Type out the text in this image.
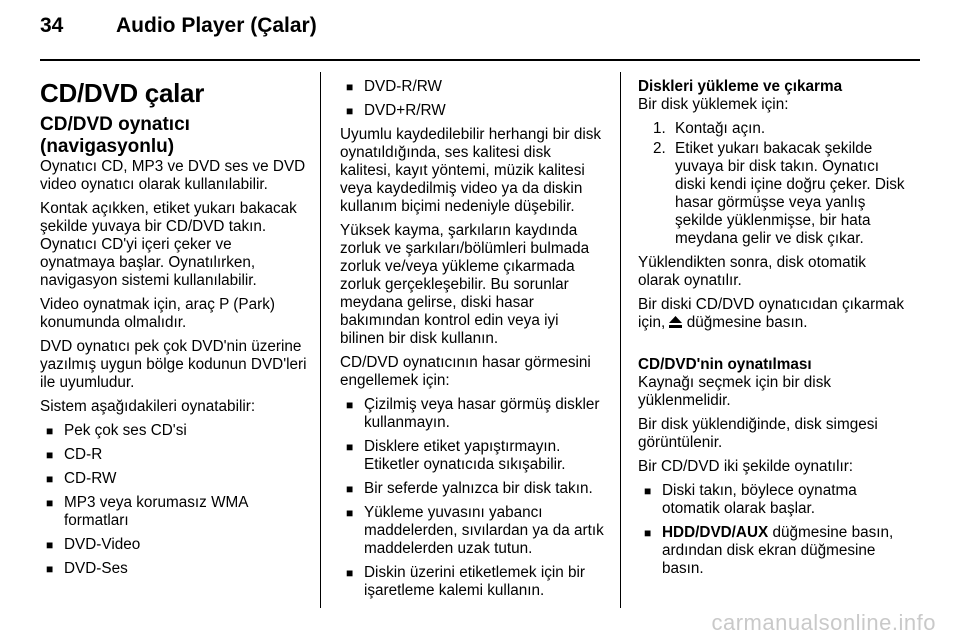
34	Audio Player (Çalar)
CD/DVD çalar
CD/DVD oynatıcı (navigasyonlu)

Oynatıcı CD, MP3 ve DVD ses ve DVD video oynatıcı olarak kullanılabilir.

Kontak açıkken, etiket yukarı bakacak şekilde yuvaya bir CD/DVD takın. Oynatıcı CD'yi içeri çeker ve oynatmaya başlar. Oynatılırken, navigasyon sistemi kullanılabilir.

Video oynatmak için, araç P (Park) konumunda olmalıdır.

DVD oynatıcı pek çok DVD'nin üzerine yazılmış uygun bölge kodunun DVD'leri ile uyumludur.

Sistem aşağıdakileri oynatabilir:

■ Pek çok ses CD'si
■ CD-R
■ CD-RW
■ MP3 veya korumasız WMA formatları
■ DVD-Video
■ DVD-Ses
■ DVD-R/RW
■ DVD+R/RW

Uyumlu kaydedilebilir herhangi bir disk oynatıldığında, ses kalitesi disk kalitesi, kayıt yöntemi, müzik kalitesi veya kaydedilmiş video ya da diskin kullanım biçimi nedeniyle düşebilir.

Yüksek kayma, şarkıların kaydında zorluk ve şarkıları/bölümleri bulmada zorluk ve/veya yükleme çıkarmada zorluk gerçekleşebilir. Bu sorunlar meydana gelirse, diski hasar bakımından kontrol edin veya iyi bilinen bir disk kullanın.

CD/DVD oynatıcının hasar görmesini engellemek için:

■ Çizilmiş veya hasar görmüş diskler kullanmayın.
■ Disklere etiket yapıştırmayın. Etiketler oynatıcıda sıkışabilir.
■ Bir seferde yalnızca bir disk takın.
■ Yükleme yuvasını yabancı maddelerden, sıvılardan ya da artık maddelerden uzak tutun.
■ Diskin üzerini etiketlemek için bir işaretleme kalemi kullanın.
Diskleri yükleme ve çıkarma

Bir disk yüklemek için:

1. Kontağı açın.
2. Etiket yukarı bakacak şekilde yuvaya bir disk takın. Oynatıcı diski kendi içine doğru çeker. Disk hasar görmüşse veya yanlış şekilde yüklenmişse, bir hata meydana gelir ve disk çıkar.

Yüklendikten sonra, disk otomatik olarak oynatılır.

Bir diski CD/DVD oynatıcıdan çıkarmak için, düğmesine basın.

CD/DVD'nin oynatılması

Kaynağı seçmek için bir disk yüklenmelidir.

Bir disk yüklendiğinde, disk simgesi görüntülenir.

Bir CD/DVD iki şekilde oynatılır:

■ Diski takın, böylece oynatma otomatik olarak başlar.
■ HDD/DVD/AUX düğmesine basın, ardından disk ekran düğmesine basın.
carmanualsonline.info
